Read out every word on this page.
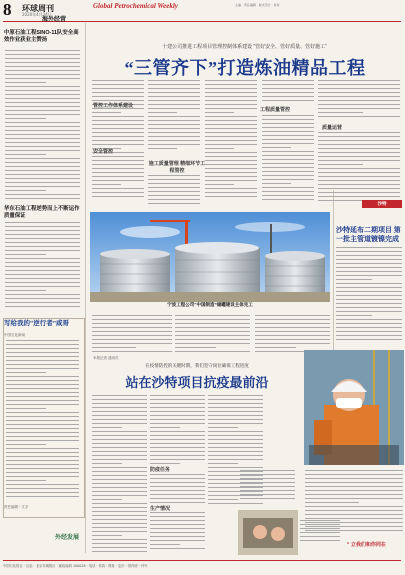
8 环球周刊
2020年4月24日
Global Petrochemical Weekly	主编 · 责任编辑 · 版式设计 · 校对
海外经营
中原石油工程SINO-11队安全高效作业获业主赞扬
华东石油工程逆势而上不断运作质量保证
写给我的“逆行者”咸哥
中国石化新闻
责任编辑 · 文字
外经发展
十建公司推进工程项目管理控制体系建设 “管好安全、管好质量、管好施工”
“三管齐下”打造炼油精品工程
管控工作体系建设
安全管控
工程质量管控
施工质量管理 精细环节工程管控
质量运营
宁波工程公司“中国制造”储罐建设主体完工
沙特
沙特延布二期项目 第一批主管道镀镍完成
在疫情防控的关键时期，我们坚守岗位确保工程进度
站在沙特项目抗疫最前沿
本报记者 通讯员
防疫任务
生产情况
“ 立我们和你同在
中国石化报社 · 社址：北京市朝阳区 · 邮政编码 100028 · 电话 · 传真 · 网址 · 定价 · 国内统一刊号
